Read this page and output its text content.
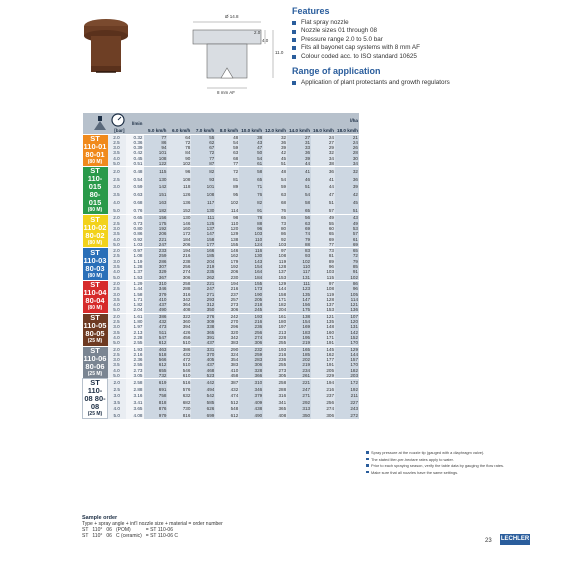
Ø 14.8
2.0
4.0
11.0
8 mm AF
Features
Flat spray nozzle
Nozzle sizes 01 through 08
Pressure range 2.0 to 5.0 bar
Fits all bayonet cap systems with 8 mm AF
Colour coded acc. to ISO standard 10625
Range of application
Application of plant protectants and growth regulators
		l/min	l/ha								
	[bar]		5.0 km/h	6.0 km/h	7.0 km/h	8.0 km/h	10.0 km/h	12.0 km/h	14.0 km/h	16.0 km/h	18.0 km/h
ST 110-01 80-01
(80 M)	2.0	0.32	77	64	55	48	38	32	27	24	21
	2.5	0.36	86	72	62	54	43	36	31	27	24
	3.0	0.39	94	78	67	59	47	39	33	29	26
	3.5	0.42	101	84	72	63	50	42	36	32	28
	4.0	0.45	108	90	77	68	54	45	39	34	30
	5.0	0.51	122	102	87	77	61	51	44	38	34
ST 110-015 80-015
(80 M)	2.0	0.48	115	96	82	72	58	48	41	36	32
	2.5	0.54	130	108	93	81	65	54	46	41	36
	3.0	0.59	142	118	101	89	71	59	51	44	39
	3.5	0.63	151	126	108	95	76	63	54	47	42
	4.0	0.68	163	136	117	102	82	68	58	51	45
	5.0	0.76	182	152	130	114	91	76	65	57	51
ST 110-02 80-02
(80 M)	2.0	0.65	156	130	111	98	78	65	56	49	43
	2.5	0.73	175	146	125	110	88	73	63	55	49
	3.0	0.80	192	160	137	120	96	80	69	60	53
	3.5	0.86	206	172	147	129	103	86	74	65	57
	4.0	0.92	221	184	158	138	110	92	79	69	61
	5.0	1.03	247	206	177	155	124	103	88	77	69
ST 110-03 80-03
(80 M)	2.0	0.97	233	194	166	146	116	97	83	73	65
	2.5	1.08	259	216	185	162	130	108	93	81	72
	3.0	1.19	286	238	204	179	143	119	102	89	79
	3.5	1.28	307	256	219	192	154	128	110	96	85
	4.0	1.37	329	274	235	206	164	137	117	103	91
	5.0	1.53	367	306	262	230	184	153	131	115	102
ST 110-04 80-04
(80 M)	2.0	1.29	310	258	221	194	155	129	111	97	86
	2.5	1.44	346	288	247	216	173	144	123	108	96
	3.0	1.58	379	316	271	237	190	158	135	119	105
	3.5	1.71	410	342	293	257	205	171	147	128	114
	4.0	1.82	437	364	312	273	218	182	156	137	121
	5.0	2.04	490	408	350	306	245	204	175	153	136
ST 110-05 80-05
(25 M)	2.0	1.61	386	322	276	242	193	161	138	121	107
	2.5	1.80	432	360	309	270	216	180	154	135	120
	3.0	1.97	473	394	338	296	236	197	169	148	131
	3.5	2.13	511	426	365	320	256	213	183	160	142
	4.0	2.28	547	456	391	342	274	228	195	171	152
	5.0	2.55	612	510	437	383	306	255	219	191	170
ST 110-06 80-06
(25 M)	2.0	1.93	463	386	331	290	232	193	165	145	129
	2.5	2.16	518	432	370	324	259	216	185	162	144
	3.0	2.36	566	472	405	354	283	236	202	177	157
	3.5	2.55	612	510	437	383	306	255	219	191	170
	4.0	2.73	655	546	468	410	328	273	234	205	182
	5.0	3.05	732	610	523	458	366	305	261	229	203
ST 110-08 80-08
(25 M)	2.0	2.58	619	516	442	387	310	258	221	194	172
	2.5	2.88	691	576	494	432	346	288	247	216	192
	3.0	3.16	758	632	542	474	379	316	271	237	211
	3.5	3.41	818	682	585	512	409	341	292	256	227
	4.0	3.65	876	730	626	548	438	365	313	274	243
	5.0	4.08	979	816	699	612	490	408	350	306	272
Spray pressure at the nozzle tip (gauged with a diaphragm valve).
The stated liter-per-hectare rates apply to water.
Prior to each spraying season, verify the table data by gauging the flow rates.
Make sure that all nozzles have the same settings.
Sample order
Type + spray angle + int'l nozzle size + material = order number
ST	110°	06	(POM)	= ST 110-06
ST	110°	06	C (ceramic)	= ST 110-06 C
23 LECHLER
